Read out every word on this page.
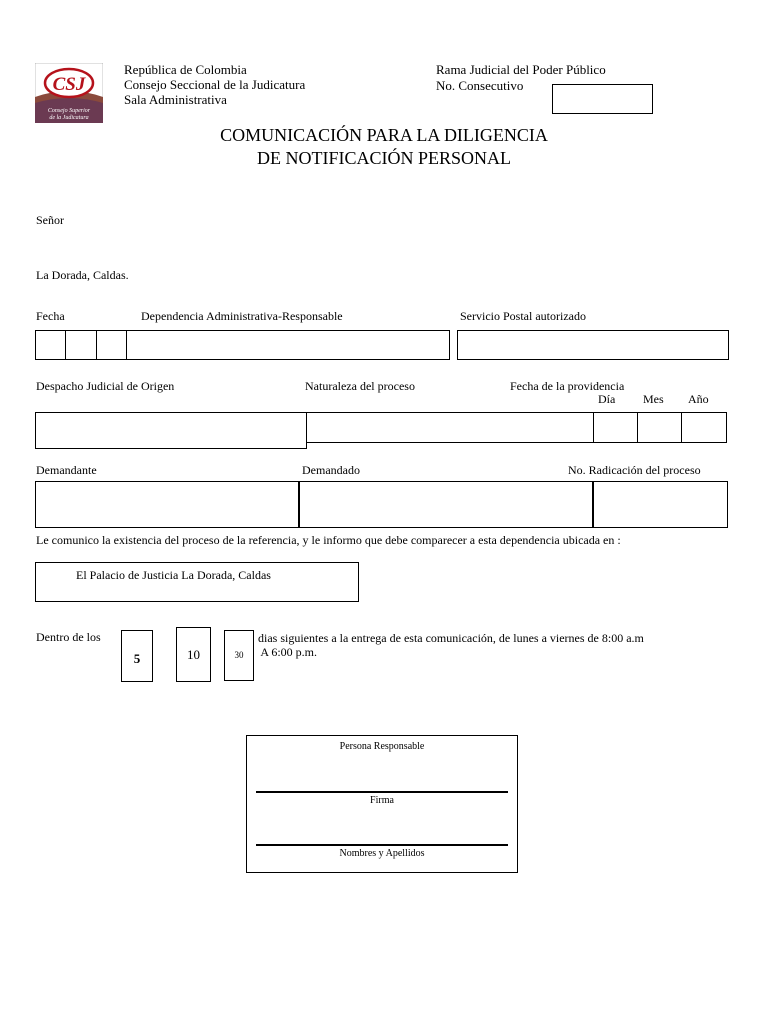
CSJ
Consejo Superior
de la Judicatura
República de Colombia
Consejo Seccional de la Judicatura
Sala Administrativa
Rama Judicial del Poder Público
No. Consecutivo
COMUNICACIÓN PARA LA DILIGENCIA
DE NOTIFICACIÓN PERSONAL
Señor
La Dorada, Caldas.
Fecha	Dependencia Administrativa-Responsable	Servicio Postal autorizado
Despacho Judicial de Origen	Naturaleza del proceso	Fecha de la providencia
Día Mes Año
Demandante	Demandado	No. Radicación del proceso
Le comunico la existencia del proceso de la referencia, y le informo que debe comparecer a esta dependencia ubicada en :
El Palacio de Justicia La Dorada, Caldas
Dentro de los
5	10	30
dias siguientes a la entrega de esta comunicación, de lunes a viernes de 8:00 a.m
A 6:00 p.m.
Persona Responsable
Firma
Nombres y Apellidos
